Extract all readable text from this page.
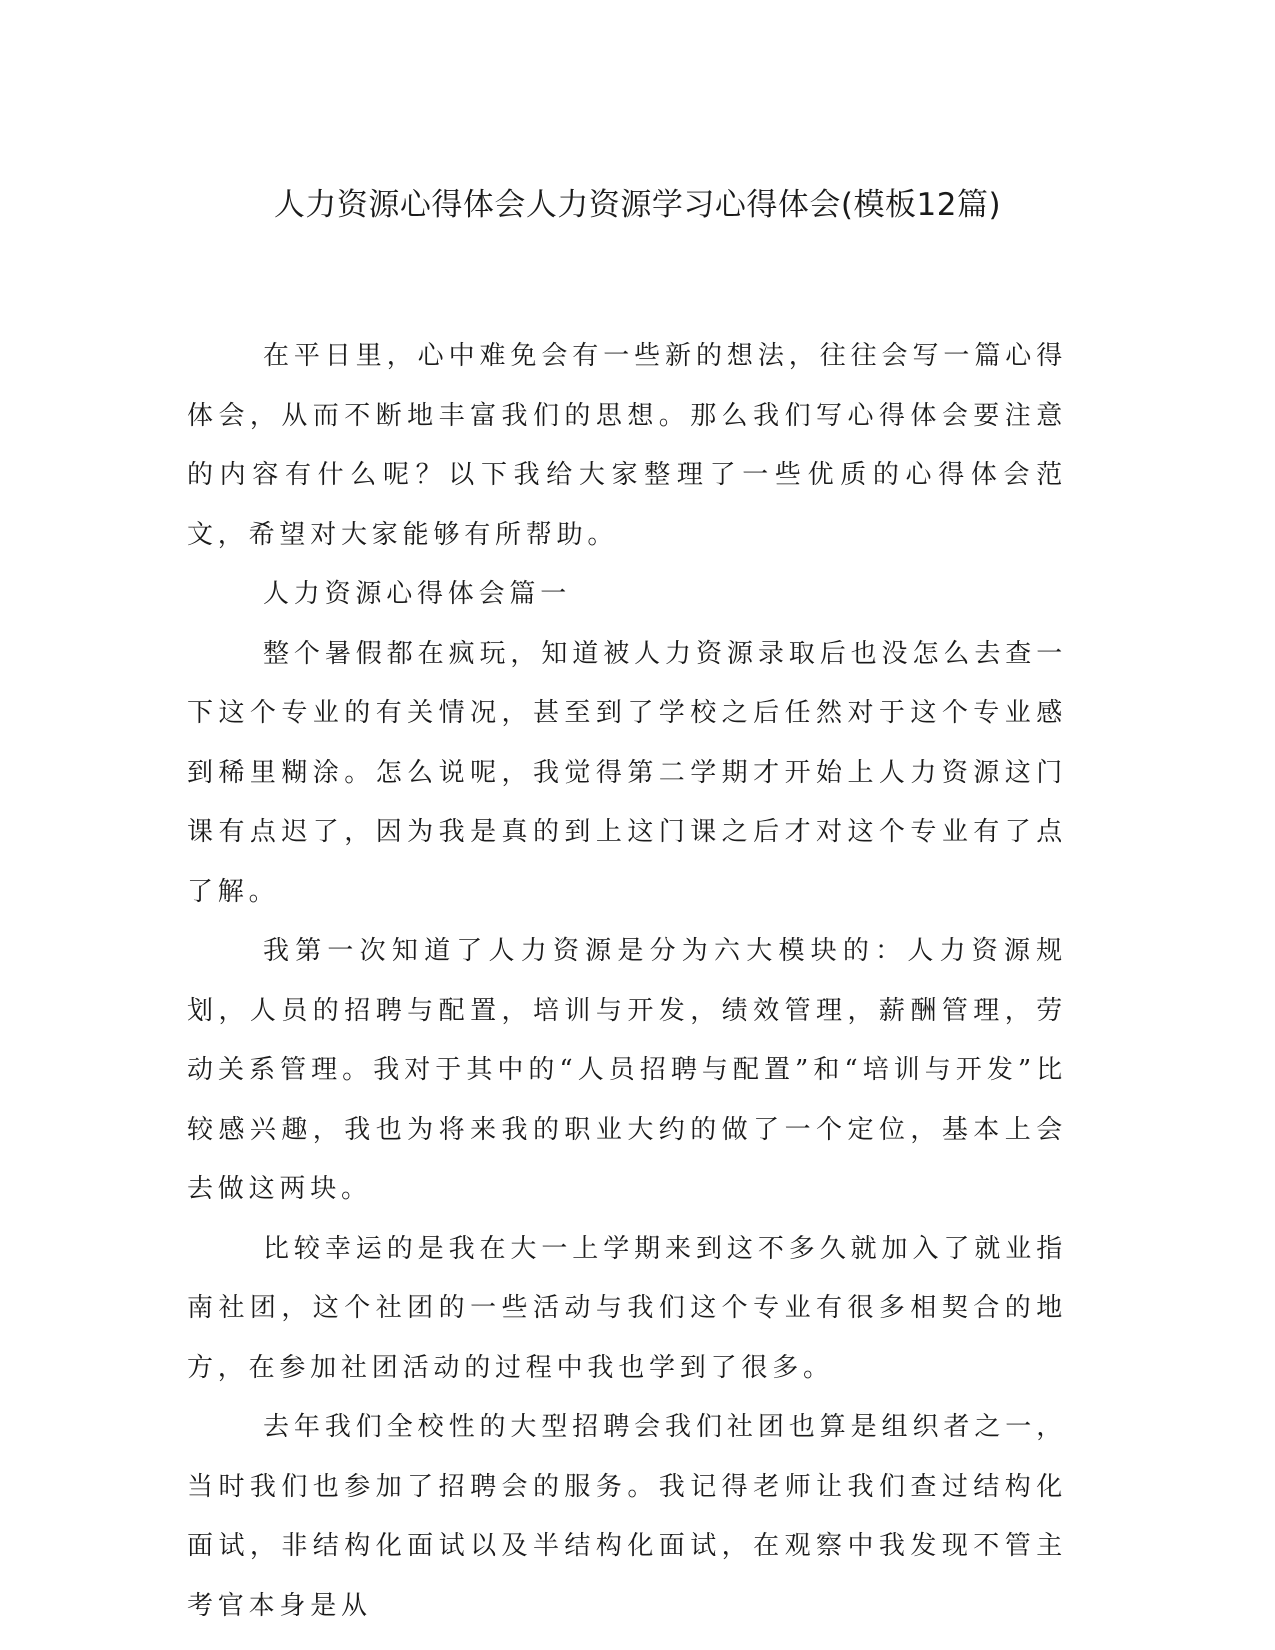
人力资源心得体会人力资源学习心得体会(模板12篇)

在平日里，心中难免会有一些新的想法，往往会写一篇心得体会，从而不断地丰富我们的思想。那么我们写心得体会要注意的内容有什么呢？以下我给大家整理了一些优质的心得体会范文，希望对大家能够有所帮助。

人力资源心得体会篇一

整个暑假都在疯玩，知道被人力资源录取后也没怎么去查一下这个专业的有关情况，甚至到了学校之后任然对于这个专业感到稀里糊涂。怎么说呢，我觉得第二学期才开始上人力资源这门课有点迟了，因为我是真的到上这门课之后才对这个专业有了点了解。

我第一次知道了人力资源是分为六大模块的：人力资源规划，人员的招聘与配置，培训与开发，绩效管理，薪酬管理，劳动关系管理。我对于其中的“人员招聘与配置”和“培训与开发”比较感兴趣，我也为将来我的职业大约的做了一个定位，基本上会去做这两块。

比较幸运的是我在大一上学期来到这不多久就加入了就业指南社团，这个社团的一些活动与我们这个专业有很多相契合的地方，在参加社团活动的过程中我也学到了很多。

去年我们全校性的大型招聘会我们社团也算是组织者之一，当时我们也参加了招聘会的服务。我记得老师让我们查过结构化面试，非结构化面试以及半结构化面试，在观察中我发现不管主考官本身是从
